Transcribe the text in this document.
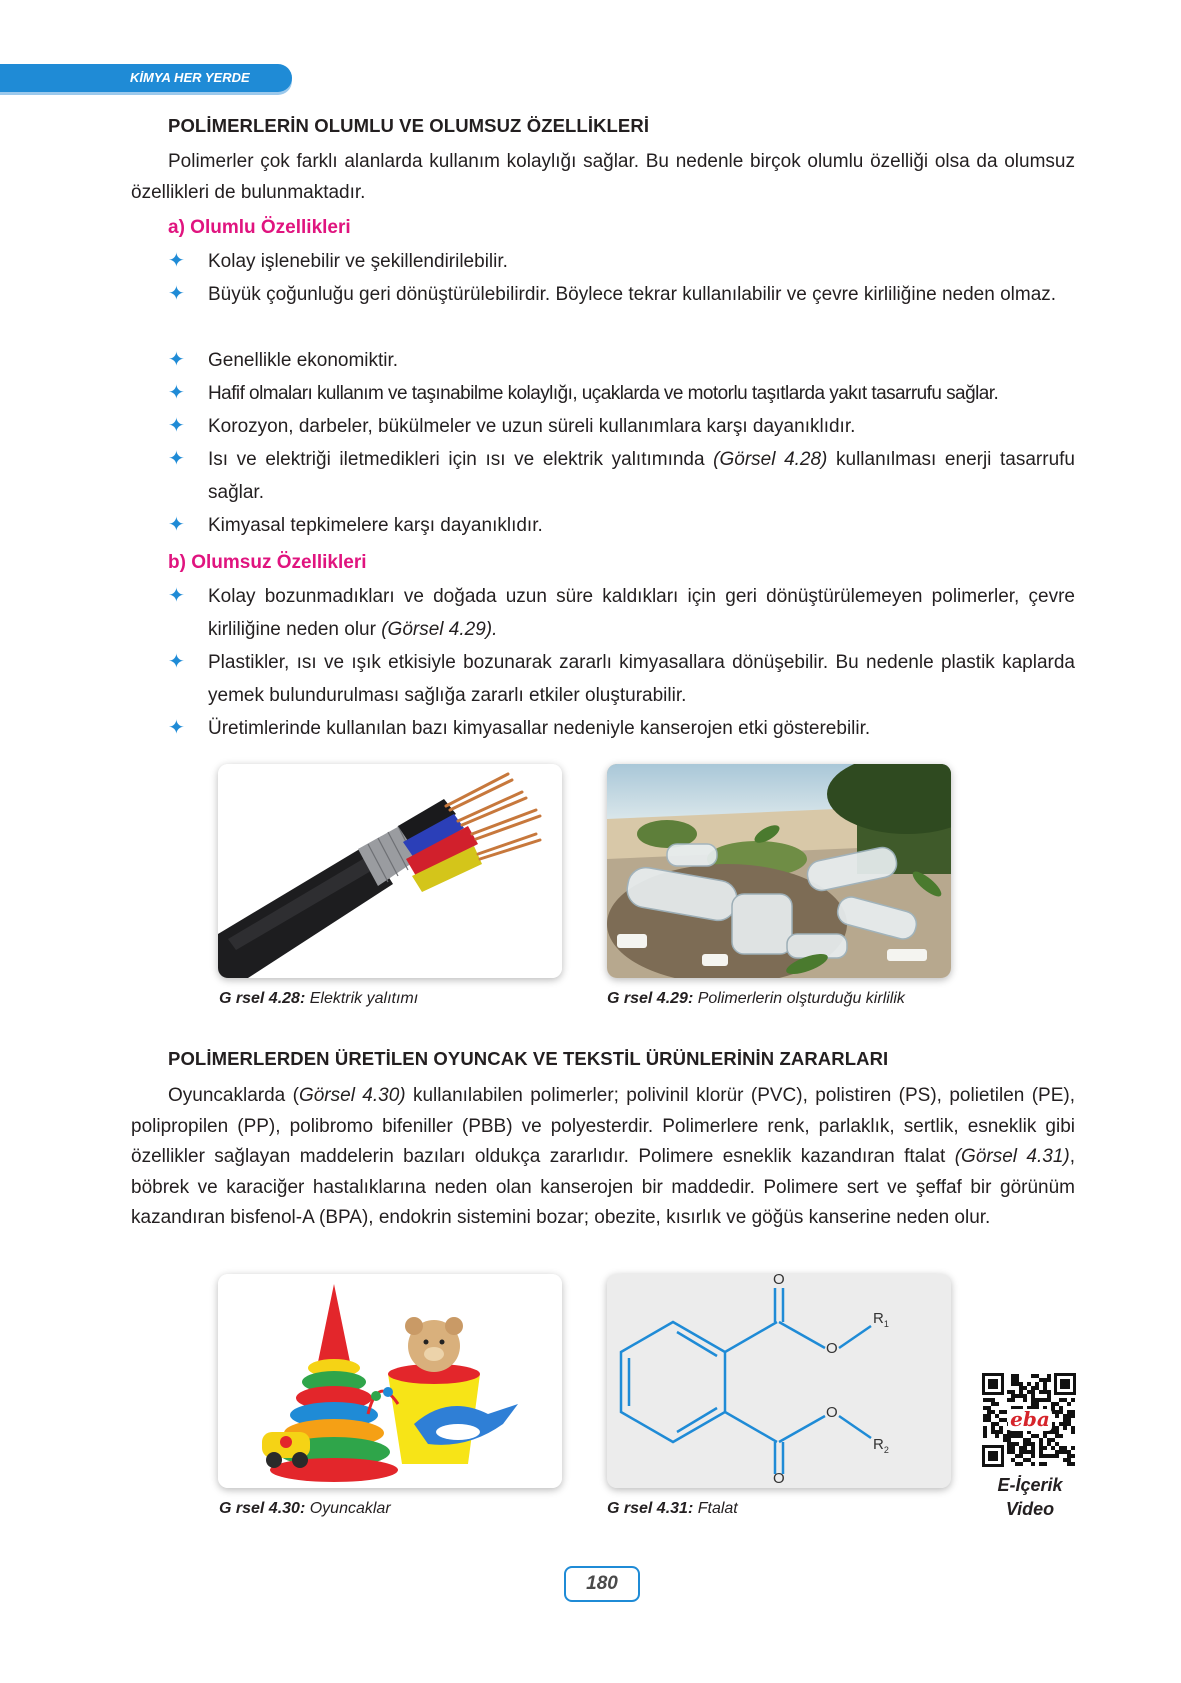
KİMYA HER YERDE
POLİMERLERİN OLUMLU VE OLUMSUZ ÖZELLİKLERİ
Polimerler çok farklı alanlarda kullanım kolaylığı sağlar. Bu nedenle birçok olumlu özelliği olsa da olumsuz özellikleri de bulunmaktadır.
a) Olumlu Özellikleri
✦ Kolay işlenebilir ve şekillendirilebilir.
✦ Büyük çoğunluğu geri dönüştürülebilirdir. Böylece tekrar kullanılabilir ve çevre kirliliğine neden olmaz.
✦ Genellikle ekonomiktir.
✦ Hafif olmaları kullanım ve taşınabilme kolaylığı, uçaklarda ve motorlu taşıtlarda yakıt tasarrufu sağlar.
✦ Korozyon, darbeler, bükülmeler ve uzun süreli kullanımlara karşı dayanıklıdır.
✦ Isı ve elektriği iletmedikleri için ısı ve elektrik yalıtımında (Görsel 4.28) kullanılması enerji tasarrufu sağlar.
✦ Kimyasal tepkimelere karşı dayanıklıdır.
b) Olumsuz Özellikleri
✦ Kolay bozunmadıkları ve doğada uzun süre kaldıkları için geri dönüştürülemeyen polimerler, çevre kirliliğine neden olur (Görsel 4.29).
✦ Plastikler, ısı ve ışık etkisiyle bozunarak zararlı kimyasallara dönüşebilir. Bu nedenle plastik kaplarda yemek bulundurulması sağlığa zararlı etkiler oluşturabilir.
✦ Üretimlerinde kullanılan bazı kimyasallar nedeniyle kanserojen etki gösterebilir.
G rsel 4.28: Elektrik yalıtımı	G rsel 4.29: Polimerlerin olşturduğu kirlilik
POLİMERLERDEN ÜRETİLEN OYUNCAK VE TEKSTİL ÜRÜNLERİNİN ZARARLARI
Oyuncaklarda (Görsel 4.30) kullanılabilen polimerler; polivinil klorür (PVC), polistiren (PS), polietilen (PE), polipropilen (PP), polibromo bifeniller (PBB) ve polyesterdir. Polimerlere renk, parlaklık, sertlik, esneklik gibi özellikler sağlayan maddelerin bazıları oldukça zararlıdır. Polimere esneklik kazandıran ftalat (Görsel 4.31), böbrek ve karaciğer hastalıklarına neden olan kanserojen bir maddedir. Polimere sert ve şeffaf bir görünüm kazandıran bisfenol-A (BPA), endokrin sistemini bozar; obezite, kısırlık ve göğüs kanserine neden olur.
O
O
O
O
$R_1$
$R_2$
G rsel 4.30: Oyuncaklar	G rsel 4.31: Ftalat
eba
E-İçerik
Video
180
